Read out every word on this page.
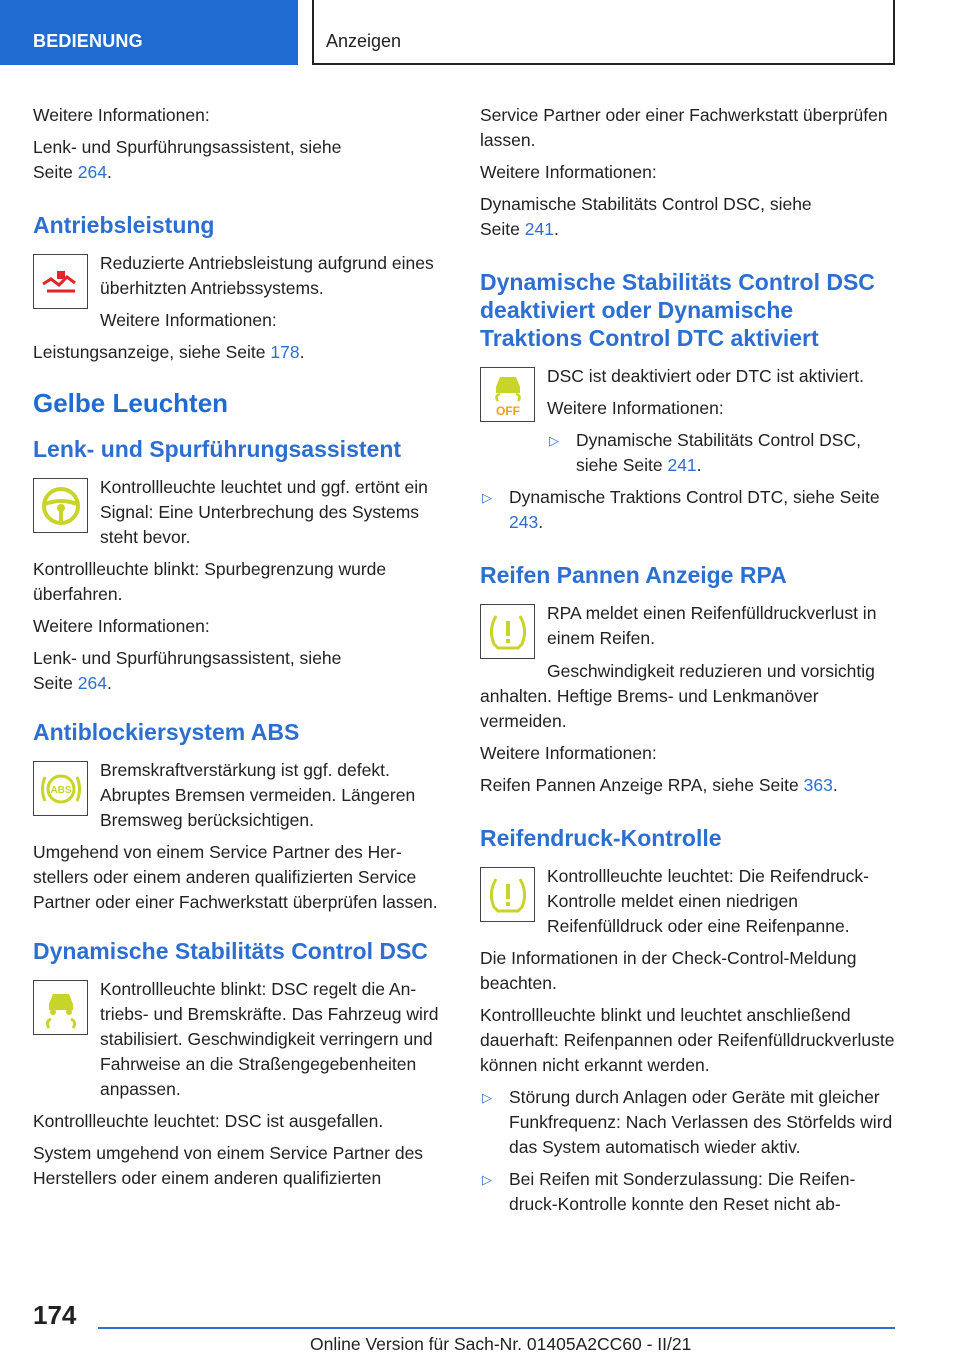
BEDIENUNG	Anzeigen

Weitere Informationen:

Lenk- und Spurführungsassistent, siehe
Seite 264.

Antriebsleistung

Reduzierte Antriebsleistung aufgrund eines überhitzten Antriebssystems.

Weitere Informationen:

Leistungsanzeige, siehe Seite 178.

Gelbe Leuchten
Lenk- und Spurführungsassistent

Kontrollleuchte leuchtet und ggf. ertönt ein Signal: Eine Unterbrechung des Systems steht bevor.

Kontrollleuchte blinkt: Spurbegrenzung wurde überfahren.

Weitere Informationen:

Lenk- und Spurführungsassistent, siehe
Seite 264.

Antiblockiersystem ABS
ABS

Bremskraftverstärkung ist ggf. defekt. Abruptes Bremsen vermeiden. Längeren Bremsweg berücksichtigen.

Umgehend von einem Service Partner des Herstellers oder einem anderen qualifizierten Service Partner oder einer Fachwerkstatt überprüfen lassen.

Dynamische Stabilitäts Control DSC

Kontrollleuchte blinkt: DSC regelt die Antriebs- und Bremskräfte. Das Fahrzeug wird stabilisiert. Geschwindigkeit verringern und Fahrweise an die Straßengegebenheiten anpassen.

Kontrollleuchte leuchtet: DSC ist ausgefallen.

System umgehend von einem Service Partner des Herstellers oder einem anderen qualifizierten

Service Partner oder einer Fachwerkstatt überprüfen lassen.

Weitere Informationen:

Dynamische Stabilitäts Control DSC, siehe
Seite 241.

Dynamische Stabilitäts Control DSC deaktiviert oder Dynamische Traktions Control DTC aktiviert
OFF

DSC ist deaktiviert oder DTC ist aktiviert.

Weitere Informationen:

▷ Dynamische Stabilitäts Control DSC, siehe Seite 241.
▷ Dynamische Traktions Control DTC, siehe Seite 243.
Reifen Pannen Anzeige RPA

RPA meldet einen Reifenfülldruckverlust in einem Reifen.

Geschwindigkeit reduzieren und vorsichtig anhalten. Heftige Brems- und Lenkmanöver vermeiden.

Weitere Informationen:

Reifen Pannen Anzeige RPA, siehe Seite 363.

Reifendruck-Kontrolle

Kontrollleuchte leuchtet: Die Reifendruck-Kontrolle meldet einen niedrigen Reifenfülldruck oder eine Reifenpanne.

Die Informationen in der Check-Control-Meldung beachten.

Kontrollleuchte blinkt und leuchtet anschließend dauerhaft: Reifenpannen oder Reifenfülldruckverluste können nicht erkannt werden.

▷ Störung durch Anlagen oder Geräte mit gleicher Funkfrequenz: Nach Verlassen des Störfelds wird das System automatisch wieder aktiv.
▷ Bei Reifen mit Sonderzulassung: Die Reifendruck-Kontrolle konnte den Reset nicht ab-
174
Online Version für Sach-Nr. 01405A2CC60 - II/21
